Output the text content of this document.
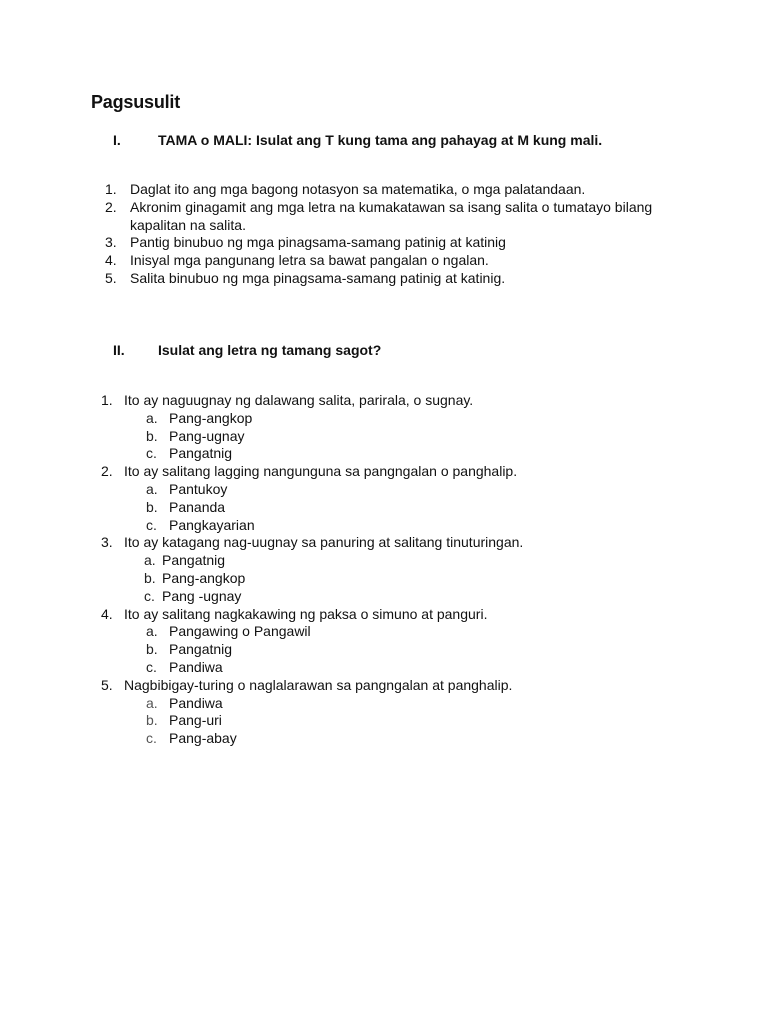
Pagsusulit
I.	TAMA o MALI: Isulat ang T kung tama ang pahayag at M kung mali.
1. Daglat ito ang mga bagong notasyon sa matematika, o mga palatandaan.
2. Akronim ginagamit ang mga letra na kumakatawan sa isang salita o tumatayo bilang kapalitan na salita.
3. Pantig binubuo ng mga pinagsama-samang patinig at katinig
4. Inisyal mga pangunang letra sa bawat pangalan o ngalan.
5. Salita binubuo ng mga pinagsama-samang patinig at katinig.
II. Isulat ang letra ng tamang sagot?
1. Ito ay naguugnay ng dalawang salita, parirala, o sugnay.
a. Pang-angkop
b. Pang-ugnay
c. Pangatnig
2. Ito ay salitang lagging nangunguna sa pangngalan o panghalip.
a. Pantukoy
b. Pananda
c. Pangkayarian
3. Ito ay katagang nag-uugnay sa panuring at salitang tinuturingan.
a. Pangatnig
b. Pang-angkop
c. Pang -ugnay
4. Ito ay salitang nagkakawing ng paksa o simuno at panguri.
a. Pangawing o Pangawil
b. Pangatnig
c. Pandiwa
5. Nagbibigay-turing o naglalarawan sa pangngalan at panghalip.
a. Pandiwa
b. Pang-uri
c. Pang-abay
